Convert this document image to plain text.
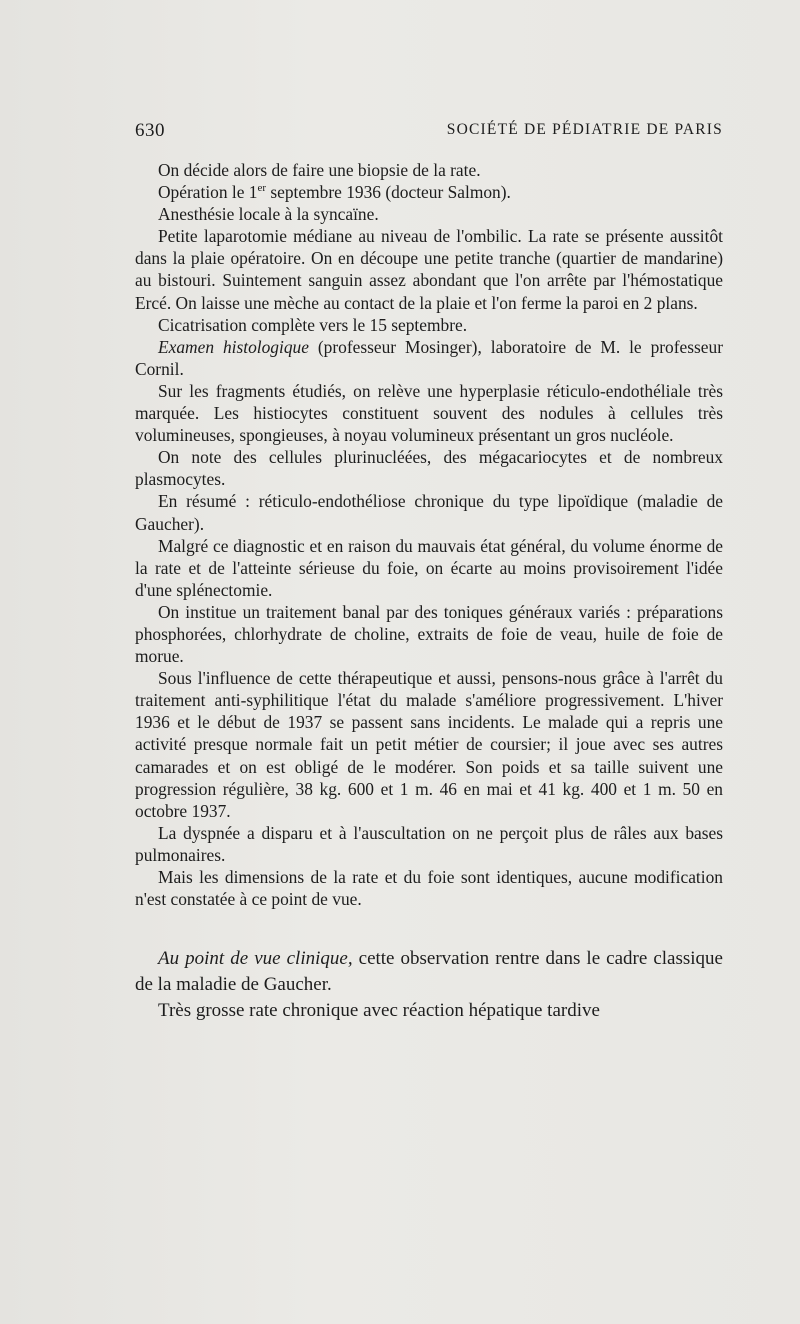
630	SOCIÉTÉ DE PÉDIATRIE DE PARIS

On décide alors de faire une biopsie de la rate.

Opération le 1er septembre 1936 (docteur Salmon).

Anesthésie locale à la syncaïne.

Petite laparotomie médiane au niveau de l'ombilic. La rate se présente aussitôt dans la plaie opératoire. On en découpe une petite tranche (quartier de mandarine) au bistouri. Suintement sanguin assez abondant que l'on arrête par l'hémostatique Ercé. On laisse une mèche au contact de la plaie et l'on ferme la paroi en 2 plans.

Cicatrisation complète vers le 15 septembre.

Examen histologique (professeur Mosinger), laboratoire de M. le professeur Cornil.

Sur les fragments étudiés, on relève une hyperplasie réticulo-endothéliale très marquée. Les histiocytes constituent souvent des nodules à cellules très volumineuses, spongieuses, à noyau volumineux présentant un gros nucléole.

On note des cellules plurinucléées, des mégacariocytes et de nombreux plasmocytes.

En résumé : réticulo-endothéliose chronique du type lipoïdique (maladie de Gaucher).

Malgré ce diagnostic et en raison du mauvais état général, du volume énorme de la rate et de l'atteinte sérieuse du foie, on écarte au moins provisoirement l'idée d'une splénectomie.

On institue un traitement banal par des toniques généraux variés : préparations phosphorées, chlorhydrate de choline, extraits de foie de veau, huile de foie de morue.

Sous l'influence de cette thérapeutique et aussi, pensons-nous grâce à l'arrêt du traitement anti-syphilitique l'état du malade s'améliore progressivement. L'hiver 1936 et le début de 1937 se passent sans incidents. Le malade qui a repris une activité presque normale fait un petit métier de coursier; il joue avec ses autres camarades et on est obligé de le modérer. Son poids et sa taille suivent une progression régulière, 38 kg. 600 et 1 m. 46 en mai et 41 kg. 400 et 1 m. 50 en octobre 1937.

La dyspnée a disparu et à l'auscultation on ne perçoit plus de râles aux bases pulmonaires.

Mais les dimensions de la rate et du foie sont identiques, aucune modification n'est constatée à ce point de vue.

Au point de vue clinique, cette observation rentre dans le cadre classique de la maladie de Gaucher.

Très grosse rate chronique avec réaction hépatique tardive
